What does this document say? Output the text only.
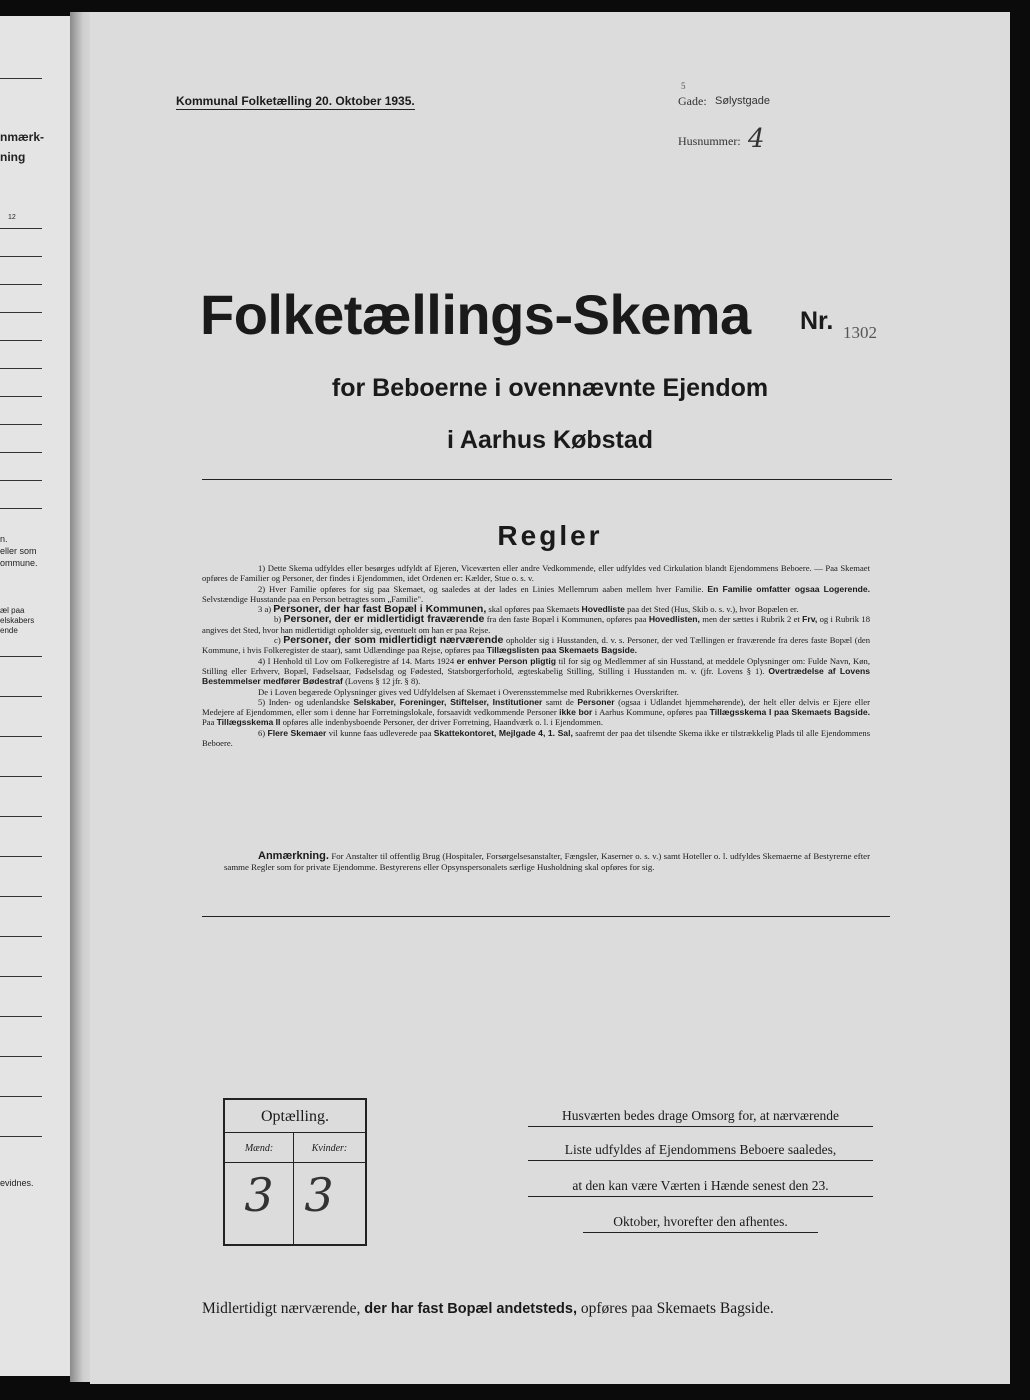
nmærk-
ning
12
n.
eller som
ommune.
æl paa
elskabers
ende
evidnes.
Kommunal Folketælling 20. Oktober 1935.
5
Gade: Sølystgade
Husnummer: 4
Folketællings-Skema Nr. 1302
for Beboerne i ovennævnte Ejendom
i Aarhus Købstad
Regler

1) Dette Skema udfyldes eller besørges udfyldt af Ejeren, Viceværten eller andre Vedkommende, eller udfyldes ved Cirkulation blandt Ejendommens Beboere. — Paa Skemaet opføres de Familier og Personer, der findes i Ejendommen, idet Ordenen er: Kælder, Stue o. s. v.

2) Hver Familie opføres for sig paa Skemaet, og saaledes at der lades en Linies Mellemrum aaben mellem hver Familie. En Familie omfatter ogsaa Logerende. Selvstændige Husstande paa en Person betragtes som „Familie".

3 a) Personer, der har fast Bopæl i Kommunen, skal opføres paa Skemaets Hovedliste paa det Sted (Hus, Skib o. s. v.), hvor Bopælen er.

b) Personer, der er midlertidigt fraværende fra den faste Bopæl i Kommunen, opføres paa Hovedlisten, men der sættes i Rubrik 2 et Frv, og i Rubrik 18 angives det Sted, hvor han midlertidigt opholder sig, eventuelt om han er paa Rejse.

c) Personer, der som midlertidigt nærværende opholder sig i Husstanden, d. v. s. Personer, der ved Tællingen er fraværende fra deres faste Bopæl (den Kommune, i hvis Folkeregister de staar), samt Udlændinge paa Rejse, opføres paa Tillægslisten paa Skemaets Bagside.

4) I Henhold til Lov om Folkeregistre af 14. Marts 1924 er enhver Person pligtig til for sig og Medlemmer af sin Husstand, at meddele Oplysninger om: Fulde Navn, Køn, Stilling eller Erhverv, Bopæl, Fødselsaar, Fødselsdag og Fødested, Statsborgerforhold, ægteskabelig Stilling, Stilling i Husstanden m. v. (jfr. Lovens § 1). Overtrædelse af Lovens Bestemmelser medfører Bødestraf (Lovens § 12 jfr. § 8).

De i Loven begærede Oplysninger gives ved Udfyldelsen af Skemaet i Overensstemmelse med Rubrikkernes Overskrifter.

5) Inden- og udenlandske Selskaber, Foreninger, Stiftelser, Institutioner samt de Personer (ogsaa i Udlandet hjemmehørende), der helt eller delvis er Ejere eller Medejere af Ejendommen, eller som i denne har Forretningslokale, forsaavidt vedkommende Personer ikke bor i Aarhus Kommune, opføres paa Tillægsskema I paa Skemaets Bagside. Paa Tillægsskema II opføres alle indenbysboende Personer, der driver Forretning, Haandværk o. l. i Ejendommen.

6) Flere Skemaer vil kunne faas udleverede paa Skattekontoret, Mejlgade 4, 1. Sal, saafremt der paa det tilsendte Skema ikke er tilstrækkelig Plads til alle Ejendommens Beboere.

Anmærkning. For Anstalter til offentlig Brug (Hospitaler, Forsørgelsesanstalter, Fængsler, Kaserner o. s. v.) samt Hoteller o. l. udfyldes Skemaerne af Bestyrerne efter samme Regler som for private Ejendomme. Bestyrerens eller Opsynspersonalets særlige Husholdning skal opføres for sig.
Optælling.
Mænd:	Kvinder:
3 3

Husværten bedes drage Omsorg for, at nærværende

Liste udfyldes af Ejendommens Beboere saaledes,

at den kan være Værten i Hænde senest den 23.

Oktober, hvorefter den afhentes.

Midlertidigt nærværende, der har fast Bopæl andetsteds, opføres paa Skemaets Bagside.
